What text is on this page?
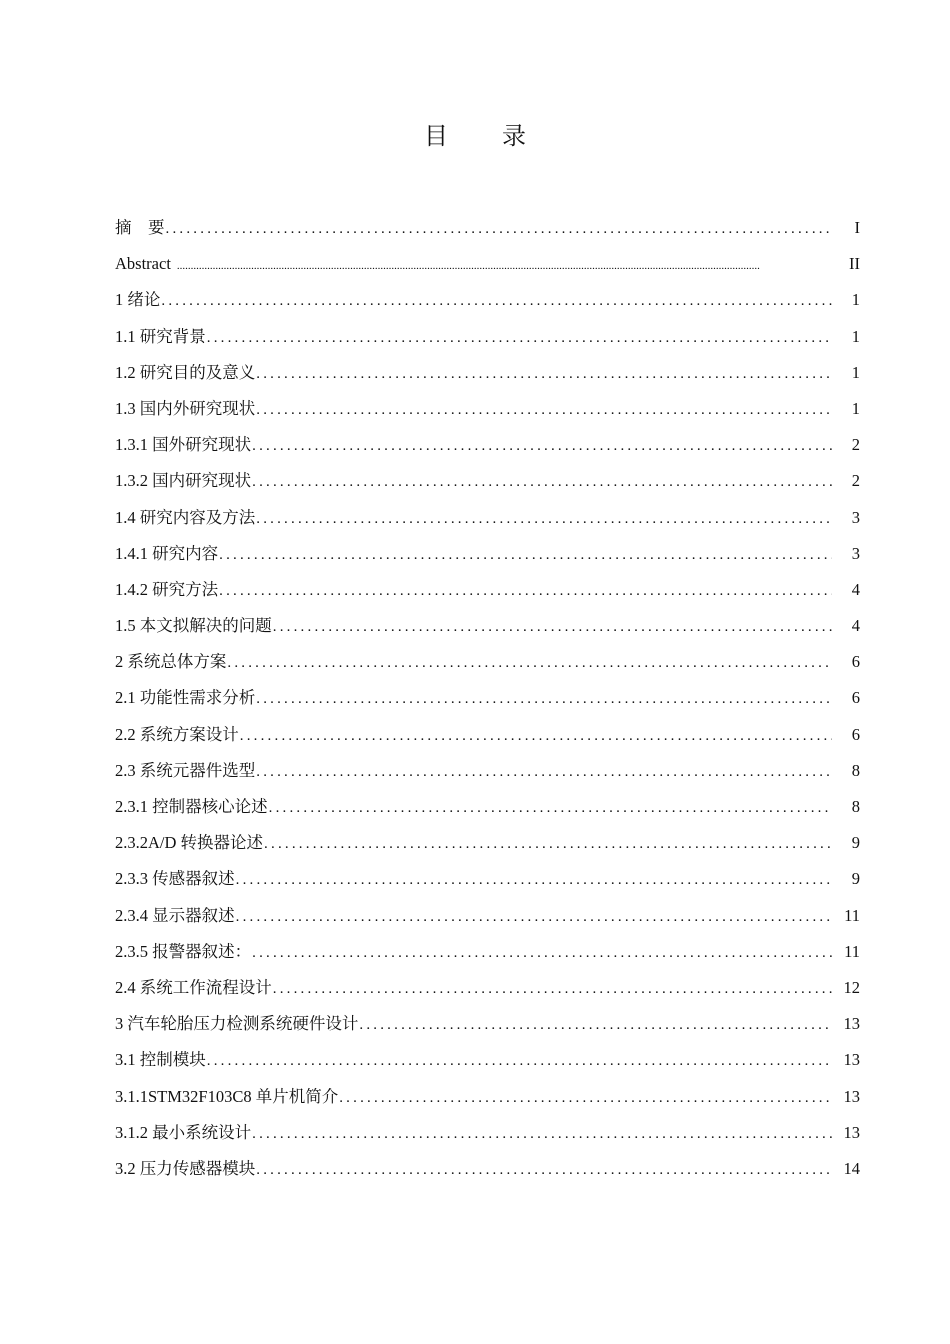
目 录
摘　要 .....	I
Abstract .....	II
1 绪论 .....	1
1.1 研究背景 .....	1
1.2 研究目的及意义 .....	1
1.3 国内外研究现状 .....	1
1.3.1 国外研究现状 .....	2
1.3.2 国内研究现状 .....	2
1.4 研究内容及方法 .....	3
1.4.1 研究内容 .....	3
1.4.2 研究方法 .....	4
1.5 本文拟解决的问题 .....	4
2 系统总体方案 .....	6
2.1 功能性需求分析 .....	6
2.2 系统方案设计 .....	6
2.3 系统元器件选型 .....	8
2.3.1 控制器核心论述 .....	8
2.3.2A/D 转换器论述 .....	9
2.3.3 传感器叙述 .....	9
2.3.4 显示器叙述 .....	11
2.3.5 报警器叙述： .....	11
2.4 系统工作流程设计 .....	12
3 汽车轮胎压力检测系统硬件设计 .....	13
3.1 控制模块 .....	13
3.1.1STM32F103C8 单片机简介 .....	13
3.1.2 最小系统设计 .....	13
3.2 压力传感器模块 .....	14
